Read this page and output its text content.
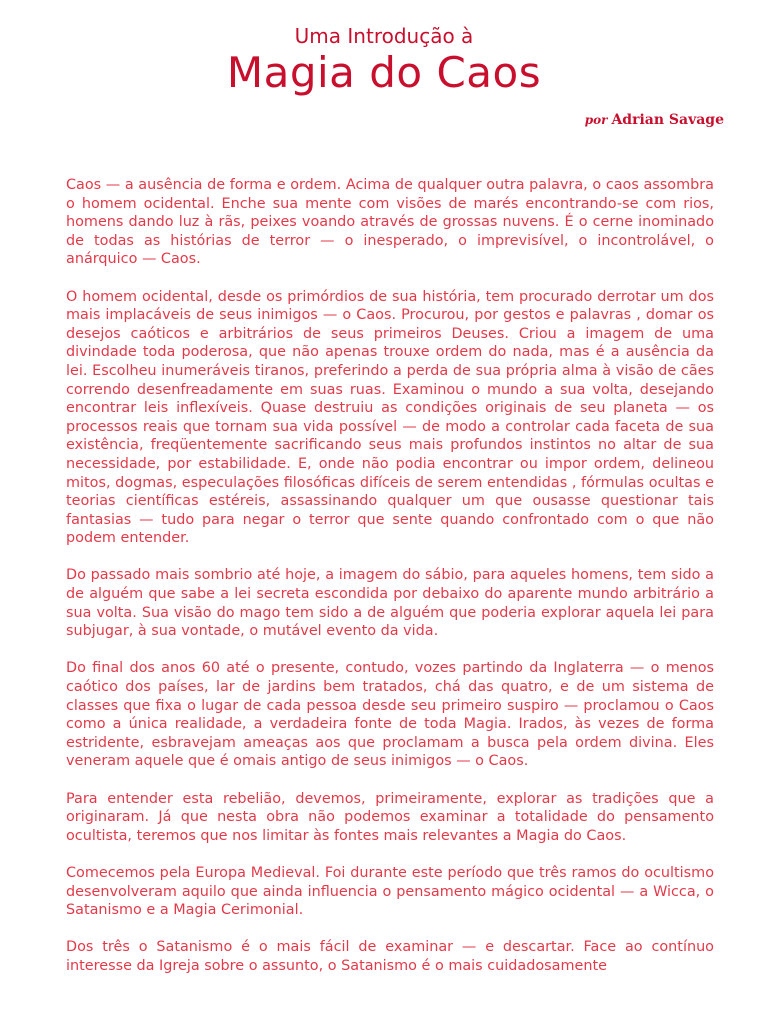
Uma Introdução à
Magia do Caos
por Adrian Savage

Caos — a ausência de forma e ordem. Acima de qualquer outra palavra, o caos assombra o homem ocidental. Enche sua mente com visões de marés encontrando-se com rios, homens dando luz à rãs, peixes voando através de grossas nuvens. É o cerne inominado de todas as histórias de terror — o inesperado, o imprevisível, o incontrolável, o anárquico — Caos.

O homem ocidental, desde os primórdios de sua história, tem procurado derrotar um dos mais implacáveis de seus inimigos — o Caos. Procurou, por gestos e palavras , domar os desejos caóticos e arbitrários de seus primeiros Deuses. Criou a imagem de uma divindade toda poderosa, que não apenas trouxe ordem do nada, mas é a ausência da lei. Escolheu inumeráveis tiranos, preferindo a perda de sua própria alma à visão de cães correndo desenfreadamente em suas ruas. Examinou o mundo a sua volta, desejando encontrar leis inflexíveis. Quase destruiu as condições originais de seu planeta — os processos reais que tornam sua vida possível — de modo a controlar cada faceta de sua existência, freqüentemente sacrificando seus mais profundos instintos no altar de sua necessidade, por estabilidade. E, onde não podia encontrar ou impor ordem, delineou mitos, dogmas, especulações filosóficas difíceis de serem entendidas , fórmulas ocultas e teorias científicas estéreis, assassinando qualquer um que ousasse questionar tais fantasias — tudo para negar o terror que sente quando confrontado com o que não podem entender.

Do passado mais sombrio até hoje, a imagem do sábio, para aqueles homens, tem sido a de alguém que sabe a lei secreta escondida por debaixo do aparente mundo arbitrário a sua volta. Sua visão do mago tem sido a de alguém que poderia explorar aquela lei para subjugar, à sua vontade, o mutável evento da vida.

Do final dos anos 60 até o presente, contudo, vozes partindo da Inglaterra — o menos caótico dos países, lar de jardins bem tratados, chá das quatro, e de um sistema de classes que fixa o lugar de cada pessoa desde seu primeiro suspiro — proclamou o Caos como a única realidade, a verdadeira fonte de toda Magia. Irados, às vezes de forma estridente, esbravejam ameaças aos que proclamam a busca pela ordem divina. Eles veneram aquele que é omais antigo de seus inimigos — o Caos.

Para entender esta rebelião, devemos, primeiramente, explorar as tradições que a originaram. Já que nesta obra não podemos examinar a totalidade do pensamento ocultista, teremos que nos limitar às fontes mais relevantes a Magia do Caos.

Comecemos pela Europa Medieval. Foi durante este período que três ramos do ocultismo desenvolveram aquilo que ainda influencia o pensamento mágico ocidental — a Wicca, o Satanismo e a Magia Cerimonial.

Dos três o Satanismo é o mais fácil de examinar — e descartar. Face ao contínuo interesse da Igreja sobre o assunto, o Satanismo é o mais cuidadosamente
